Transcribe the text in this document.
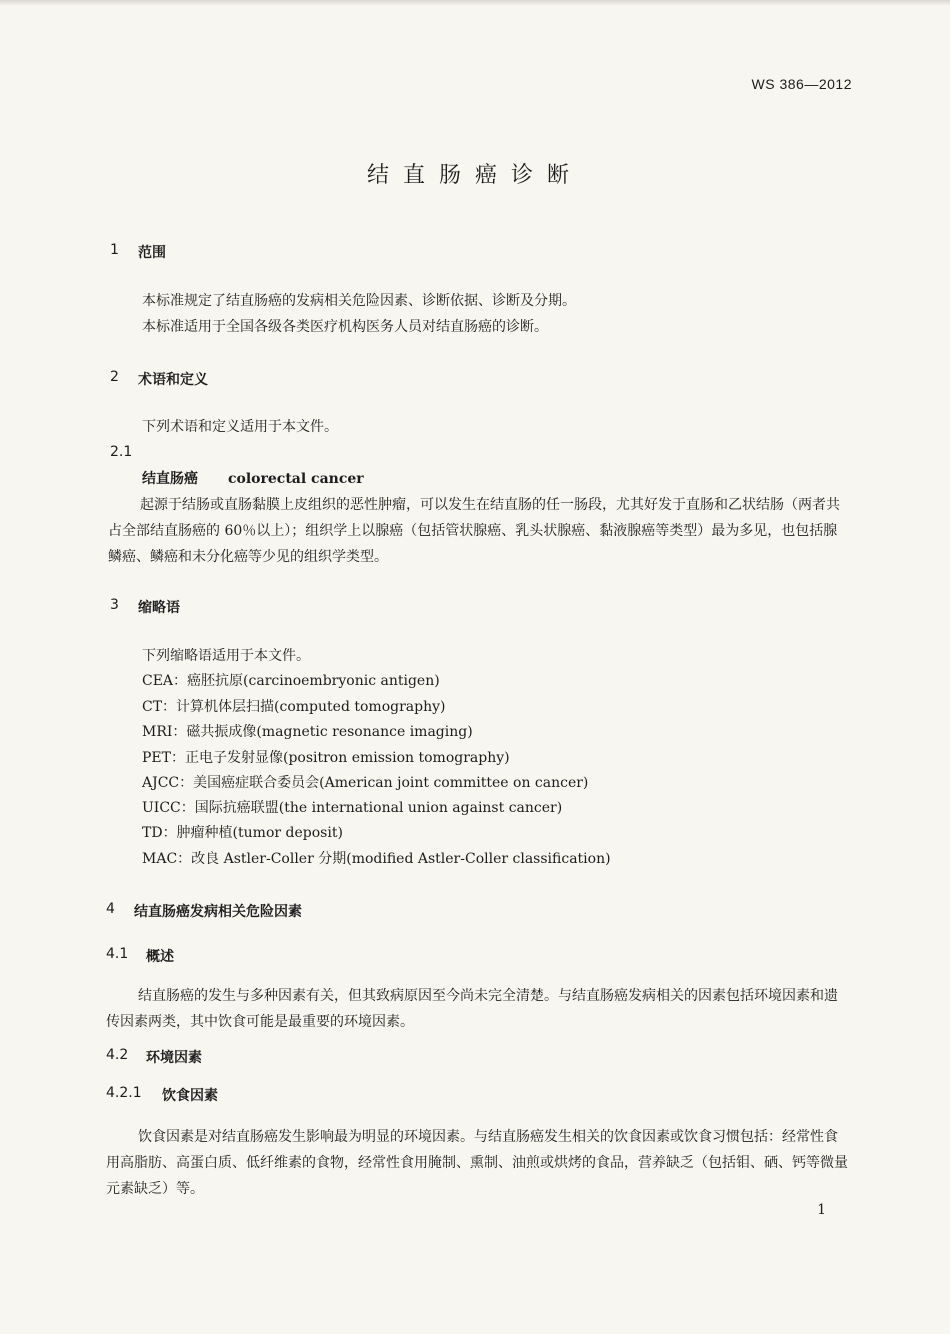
WS 386—2012
结直肠癌诊断
1 范围
本标准规定了结直肠癌的发病相关危险因素、诊断依据、诊断及分期。
本标准适用于全国各级各类医疗机构医务人员对结直肠癌的诊断。
2 术语和定义
下列术语和定义适用于本文件。
2.1
结直肠癌 colorectal cancer
起源于结肠或直肠黏膜上皮组织的恶性肿瘤，可以发生在结直肠的任一肠段，尤其好发于直肠和乙状结肠（两者共占全部结直肠癌的 60％以上）；组织学上以腺癌（包括管状腺癌、乳头状腺癌、黏液腺癌等类型）最为多见，也包括腺鳞癌、鳞癌和未分化癌等少见的组织学类型。
3 缩略语
下列缩略语适用于本文件。
CEA：癌胚抗原(carcinoembryonic antigen)
CT：计算机体层扫描(computed tomography)
MRI：磁共振成像(magnetic resonance imaging)
PET：正电子发射显像(positron emission tomography)
AJCC：美国癌症联合委员会(American joint committee on cancer)
UICC：国际抗癌联盟(the international union against cancer)
TD：肿瘤种植(tumor deposit)
MAC：改良 Astler-Coller 分期(modified Astler-Coller classification)
4 结直肠癌发病相关危险因素
4.1 概述
结直肠癌的发生与多种因素有关，但其致病原因至今尚未完全清楚。与结直肠癌发病相关的因素包括环境因素和遗传因素两类，其中饮食可能是最重要的环境因素。
4.2 环境因素
4.2.1 饮食因素
饮食因素是对结直肠癌发生影响最为明显的环境因素。与结直肠癌发生相关的饮食因素或饮食习惯包括：经常性食用高脂肪、高蛋白质、低纤维素的食物，经常性食用腌制、熏制、油煎或烘烤的食品，营养缺乏（包括钼、硒、钙等微量元素缺乏）等。
1
